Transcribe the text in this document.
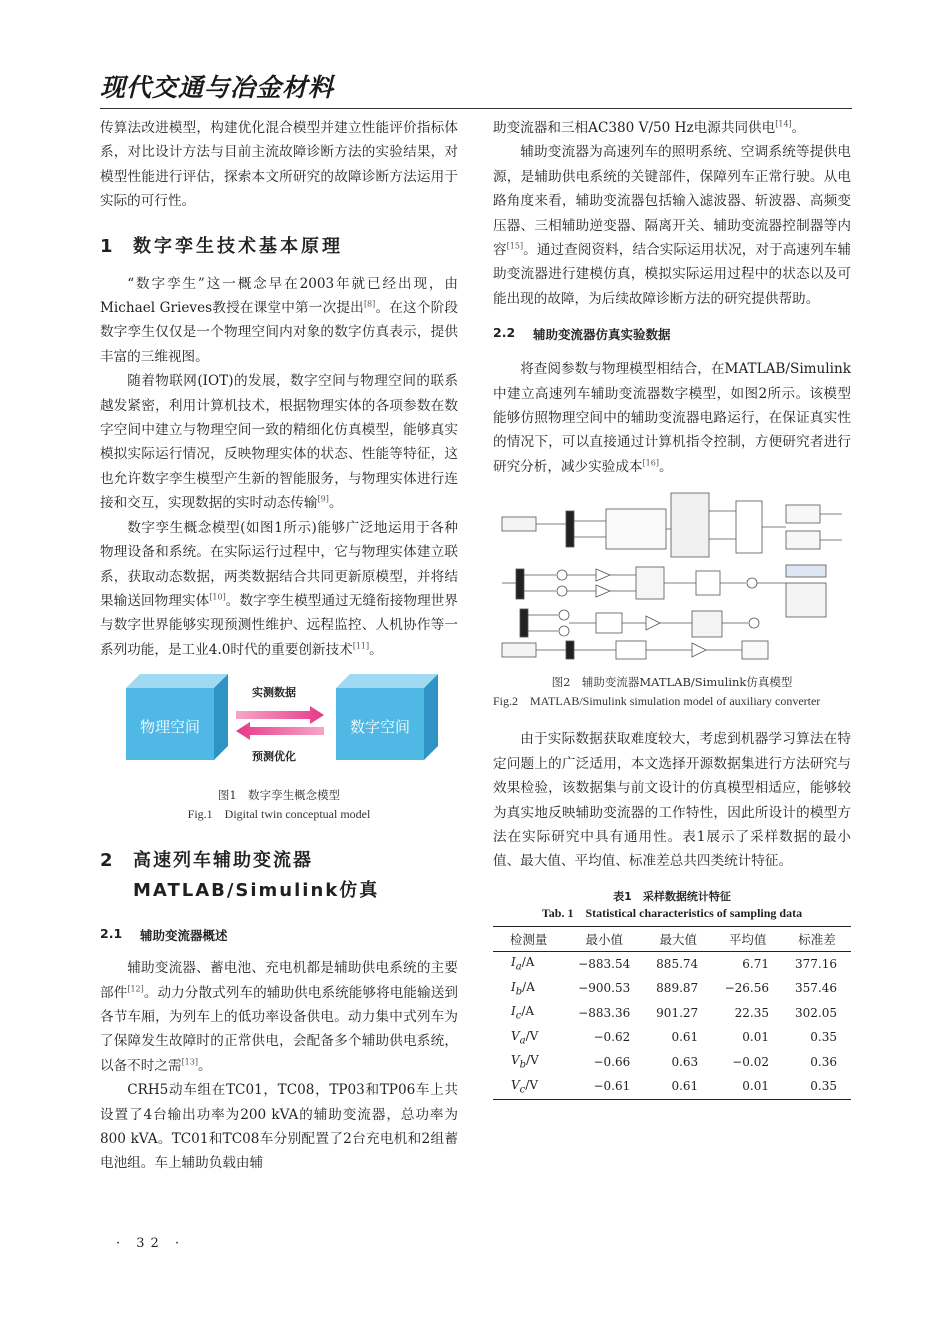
现代交通与冶金材料

传算法改进模型，构建优化混合模型并建立性能评价指标体系，对比设计方法与目前主流故障诊断方法的实验结果，对模型性能进行评估，探索本文所研究的故障诊断方法运用于实际的可行性。

1	数字孪生技术基本原理

“数字孪生”这一概念早在2003年就已经出现，由Michael Grieves教授在课堂中第一次提出[8]。在这个阶段数字孪生仅仅是一个物理空间内对象的数字仿真表示，提供丰富的三维视图。

随着物联网(IOT)的发展，数字空间与物理空间的联系越发紧密，利用计算机技术，根据物理实体的各项参数在数字空间中建立与物理空间一致的精细化仿真模型，能够真实模拟实际运行情况，反映物理实体的状态、性能等特征，这也允许数字孪生模型产生新的智能服务，与物理实体进行连接和交互，实现数据的实时动态传输[9]。

数字孪生概念模型(如图1所示)能够广泛地运用于各种物理设备和系统。在实际运行过程中，它与物理实体建立联系，获取动态数据，两类数据结合共同更新原模型，并将结果输送回物理实体[10]。数字孪生模型通过无缝衔接物理世界与数字世界能够实现预测性维护、远程监控、人机协作等一系列功能，是工业4.0时代的重要创新技术[11]。

物理空间	数字空间
实测数据
预测优化
图1　数字孪生概念模型
Fig.1　Digital twin conceptual model
2	高速列车辅助变流器MATLAB/Simulink仿真
2.1	辅助变流器概述

辅助变流器、蓄电池、充电机都是辅助供电系统的主要部件[12]。动力分散式列车的辅助供电系统能够将电能输送到各节车厢，为列车上的低功率设备供电。动力集中式列车为了保障发生故障时的正常供电，会配备多个辅助供电系统，以备不时之需[13]。

CRH5动车组在TC01，TC08，TP03和TP06车上共设置了4台输出功率为200 kVA的辅助变流器，总功率为800 kVA。TC01和TC08车分别配置了2台充电机和2组蓄电池组。车上辅助负载由辅

助变流器和三相AC380 V/50 Hz电源共同供电[14]。

辅助变流器为高速列车的照明系统、空调系统等提供电源，是辅助供电系统的关键部件，保障列车正常行驶。从电路角度来看，辅助变流器包括输入滤波器、斩波器、高频变压器、三相辅助逆变器、隔离开关、辅助变流器控制器等内容[15]。通过查阅资料，结合实际运用状况，对于高速列车辅助变流器进行建模仿真，模拟实际运用过程中的状态以及可能出现的故障，为后续故障诊断方法的研究提供帮助。

2.2	辅助变流器仿真实验数据

将查阅参数与物理模型相结合，在MATLAB/Simulink中建立高速列车辅助变流器数字模型，如图2所示。该模型能够仿照物理空间中的辅助变流器电路运行，在保证真实性的情况下，可以直接通过计算机指令控制，方便研究者进行研究分析，减少实验成本[16]。

图2　辅助变流器MATLAB/Simulink仿真模型
Fig.2　MATLAB/Simulink simulation model of auxiliary converter

由于实际数据获取难度较大，考虑到机器学习算法在特定问题上的广泛适用，本文选择开源数据集进行方法研究与效果检验，该数据集与前文设计的仿真模型相适应，能够较为真实地反映辅助变流器的工作特性，因此所设计的模型方法在实际研究中具有通用性。表1展示了采样数据的最小值、最大值、平均值、标准差总共四类统计特征。

表1　采样数据统计特征
Tab. 1　Statistical characteristics of sampling data
检测量	最小值	最大值	平均值	标准差
$I_a/A$	−883.54	885.74	6.71	377.16
$I_b/A$	−900.53	889.87	−26.56	357.46
$I_c/A$	−883.36	901.27	22.35	302.05
$V_a/V$	−0.62	0.61	0.01	0.35
$V_b/V$	−0.66	0.63	−0.02	0.36
$V_c/V$	−0.61	0.61	0.01	0.35
· 32 ·
